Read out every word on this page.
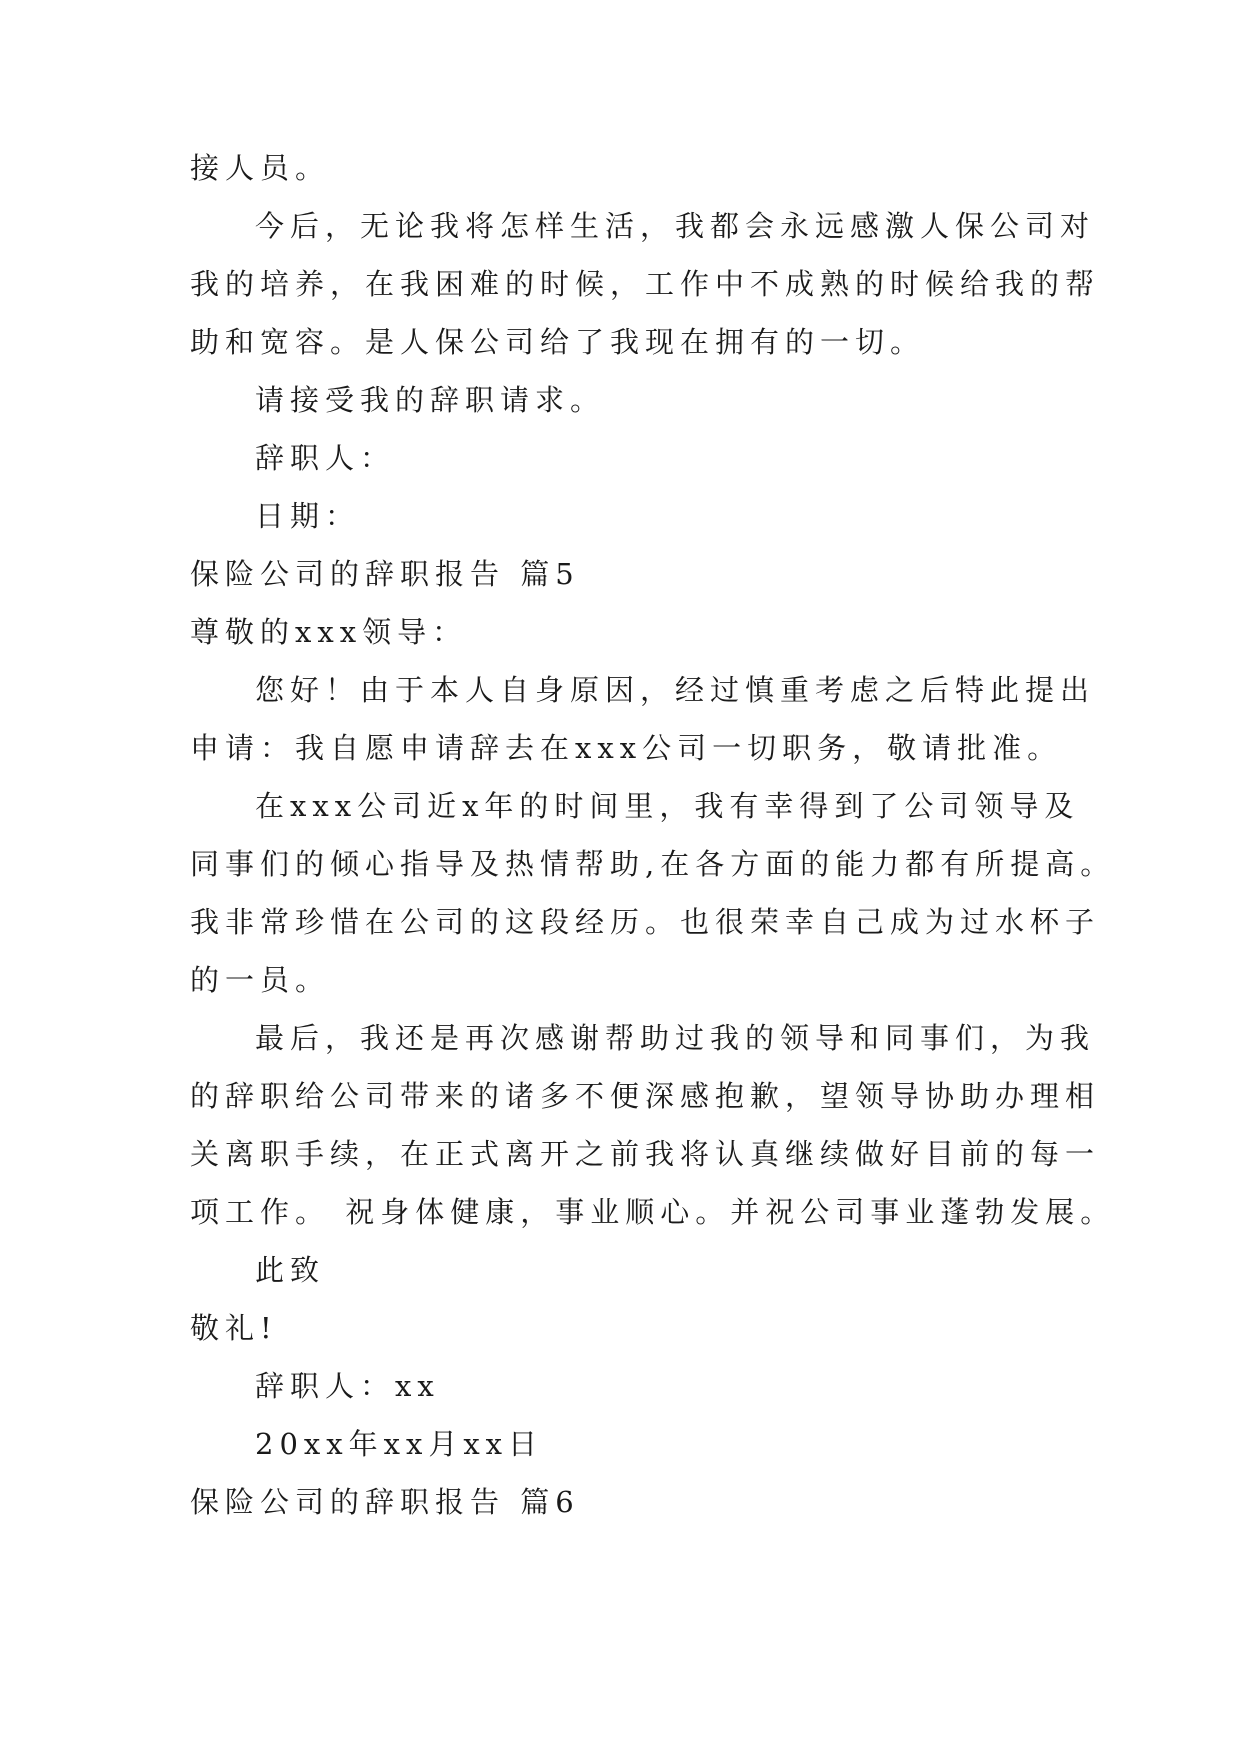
接人员。
今后，无论我将怎样生活，我都会永远感激人保公司对
我的培养，在我困难的时候，工作中不成熟的时候给我的帮
助和宽容。是人保公司给了我现在拥有的一切。
请接受我的辞职请求。
辞职人：
日期：
保险公司的辞职报告 篇5
尊敬的xxx领导：
您好！由于本人自身原因，经过慎重考虑之后特此提出
申请：我自愿申请辞去在xxx公司一切职务，敬请批准。
在xxx公司近x年的时间里，我有幸得到了公司领导及
同事们的倾心指导及热情帮助,在各方面的能力都有所提高。
我非常珍惜在公司的这段经历。也很荣幸自己成为过水杯子
的一员。
最后，我还是再次感谢帮助过我的领导和同事们，为我
的辞职给公司带来的诸多不便深感抱歉，望领导协助办理相
关离职手续，在正式离开之前我将认真继续做好目前的每一
项工作。 祝身体健康，事业顺心。并祝公司事业蓬勃发展。
此致
敬礼!
辞职人：xx
20xx年xx月xx日
保险公司的辞职报告 篇6
